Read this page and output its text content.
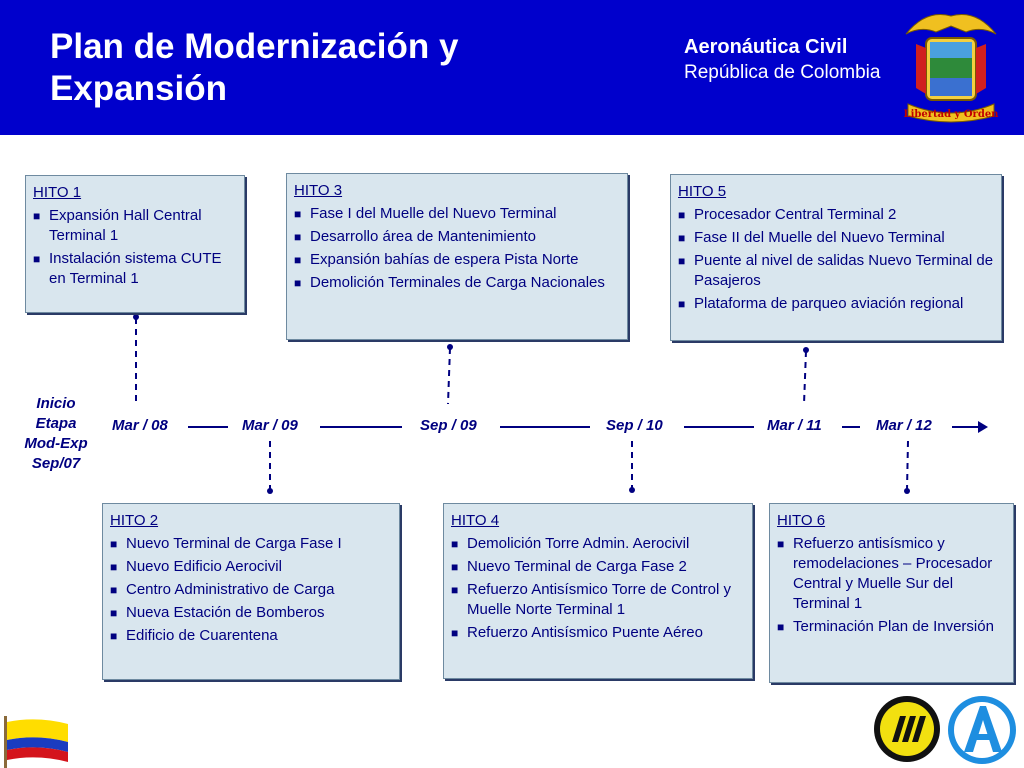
Plan de Modernización y Expansión
Aeronáutica Civil
República de Colombia
Libertad y Orden
Inicio
Etapa
Mod-Exp
Sep/07
Mar / 08	Mar / 09	Sep / 09	Sep / 10	Mar / 11	Mar / 12
HITO 1
■ Expansión Hall Central Terminal 1
■ Instalación sistema CUTE en Terminal 1
HITO 3
■ Fase I del Muelle del Nuevo Terminal
■ Desarrollo área de Mantenimiento
■ Expansión bahías de espera Pista Norte
■ Demolición Terminales de Carga Nacionales
HITO 5
■ Procesador Central Terminal 2
■ Fase II del Muelle del Nuevo Terminal
■ Puente al nivel de salidas Nuevo Terminal de Pasajeros
■ Plataforma de parqueo aviación regional
HITO 2
■ Nuevo Terminal de Carga Fase I
■ Nuevo Edificio Aerocivil
■ Centro Administrativo de Carga
■ Nueva Estación de Bomberos
■ Edificio de Cuarentena
HITO 4
■ Demolición Torre Admin. Aerocivil
■ Nuevo Terminal de Carga Fase 2
■ Refuerzo Antisísmico Torre de Control y Muelle Norte Terminal 1
■ Refuerzo Antisísmico Puente Aéreo
HITO 6
■ Refuerzo antisísmico y remodelaciones – Procesador Central y Muelle Sur del Terminal 1
■ Terminación Plan de Inversión
